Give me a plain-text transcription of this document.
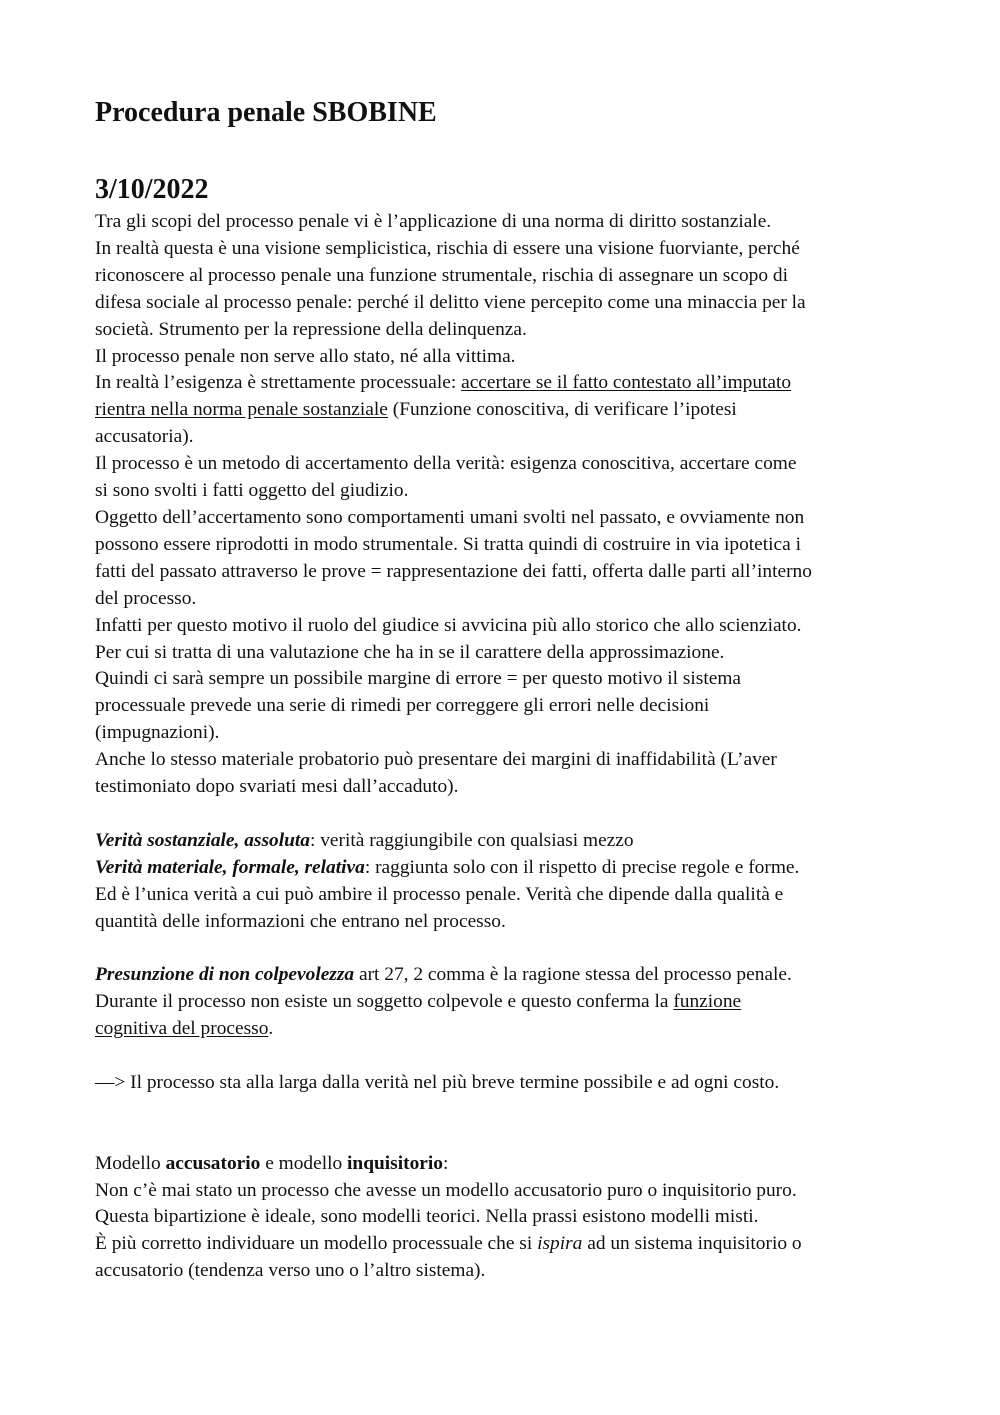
Procedura penale SBOBINE
3/10/2022
Tra gli scopi del processo penale vi è l’applicazione di una norma di diritto sostanziale.
In realtà questa è una visione semplicistica, rischia di essere una visione fuorviante, perché
riconoscere al processo penale una funzione strumentale, rischia di assegnare un scopo di
difesa sociale al processo penale: perché il delitto viene percepito come una minaccia per la
società. Strumento per la repressione della delinquenza.
Il processo penale non serve allo stato, né alla vittima.
In realtà l’esigenza è strettamente processuale: accertare se il fatto contestato all’imputato
rientra nella norma penale sostanziale (Funzione conoscitiva, di verificare l’ipotesi
accusatoria).
Il processo è un metodo di accertamento della verità: esigenza conoscitiva, accertare come
si sono svolti i fatti oggetto del giudizio.
Oggetto dell’accertamento sono comportamenti umani svolti nel passato, e ovviamente non
possono essere riprodotti in modo strumentale. Si tratta quindi di costruire in via ipotetica i
fatti del passato attraverso le prove = rappresentazione dei fatti, offerta dalle parti all’interno
del processo.
Infatti per questo motivo il ruolo del giudice si avvicina più allo storico che allo scienziato.
Per cui si tratta di una valutazione che ha in se il carattere della approssimazione.
Quindi ci sarà sempre un possibile margine di errore = per questo motivo il sistema
processuale prevede una serie di rimedi per correggere gli errori nelle decisioni
(impugnazioni).
Anche lo stesso materiale probatorio può presentare dei margini di inaffidabilità (L’aver
testimoniato dopo svariati mesi dall’accaduto).
Verità sostanziale, assoluta: verità raggiungibile con qualsiasi mezzo
Verità materiale, formale, relativa: raggiunta solo con il rispetto di precise regole e forme.
Ed è l’unica verità a cui può ambire il processo penale. Verità che dipende dalla qualità e
quantità delle informazioni che entrano nel processo.
Presunzione di non colpevolezza art 27, 2 comma è la ragione stessa del processo penale.
Durante il processo non esiste un soggetto colpevole e questo conferma la funzione
cognitiva del processo.
—> Il processo sta alla larga dalla verità nel più breve termine possibile e ad ogni costo.
Modello accusatorio e modello inquisitorio:
Non c’è mai stato un processo che avesse un modello accusatorio puro o inquisitorio puro.
Questa bipartizione è ideale, sono modelli teorici. Nella prassi esistono modelli misti.
È più corretto individuare un modello processuale che si ispira ad un sistema inquisitorio o
accusatorio (tendenza verso uno o l’altro sistema).
